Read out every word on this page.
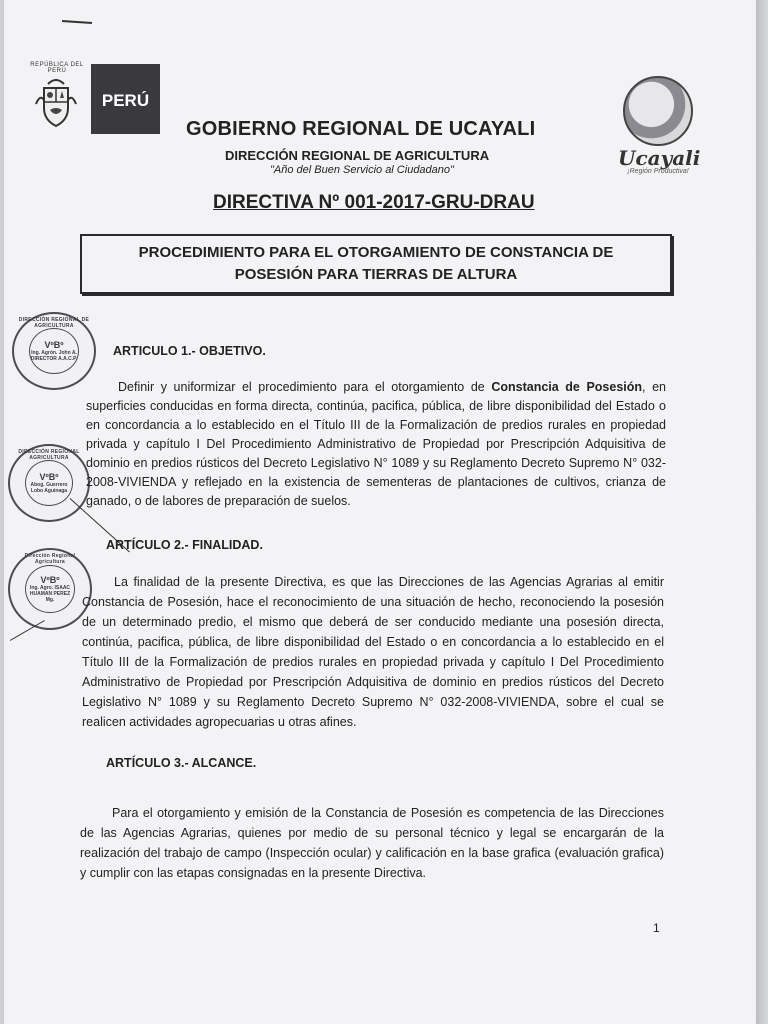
REPÚBLICA DEL PERÚ
PERÚ
Ucayali
¡Región Productiva!
GOBIERNO REGIONAL DE UCAYALI
DIRECCIÓN REGIONAL DE AGRICULTURA
"Año del Buen Servicio al Ciudadano"
DIRECTIVA Nº 001-2017-GRU-DRAU
PROCEDIMIENTO PARA EL OTORGAMIENTO DE CONSTANCIA DE
POSESIÓN PARA TIERRAS DE ALTURA
DIRECCIÓN REGIONAL DE AGRICULTURA
VºBº
Ing. Agrón. John A.
DIRECTOR A.A.C.P.
DIRECCIÓN REGIONAL AGRICULTURA
VºBº
Abog. Guerrero
Lobo Aguinaga
Dirección Regional Agricultura
VºBº
Ing. Agro. ISAAC
HUAMAN PEREZ Mg.
ARTICULO 1.- OBJETIVO.
Definir y uniformizar el procedimiento para el otorgamiento de Constancia de Posesión, en superficies conducidas en forma directa, continúa, pacifica, pública, de libre disponibilidad del Estado o en concordancia a lo establecido en el Título III de la Formalización de predios rurales en propiedad privada y capítulo I Del Procedimiento Administrativo de Propiedad por Prescripción Adquisitiva de dominio en predios rústicos del Decreto Legislativo N° 1089 y su Reglamento Decreto Supremo N° 032-2008-VIVIENDA y reflejado en la existencia de sementeras de plantaciones de cultivos, crianza de ganado, o de labores de preparación de suelos.
ARTÍCULO 2.- FINALIDAD.
La finalidad de la presente Directiva, es que las Direcciones de las Agencias Agrarias al emitir Constancia de Posesión, hace el reconocimiento de una situación de hecho, reconociendo la posesión de un determinado predio, el mismo que deberá de ser conducido mediante una posesión directa, continúa, pacifica, pública, de libre disponibilidad del Estado o en concordancia a lo establecido en el Título III de la Formalización de predios rurales en propiedad privada y capítulo I Del Procedimiento Administrativo de Propiedad por Prescripción Adquisitiva de dominio en predios rústicos del Decreto Legislativo N° 1089 y su Reglamento Decreto Supremo N° 032-2008-VIVIENDA, sobre el cual se realicen actividades agropecuarias u otras afines.
ARTÍCULO 3.- ALCANCE.
Para el otorgamiento y emisión de la Constancia de Posesión es competencia de las Direcciones de las Agencias Agrarias, quienes por medio de su personal técnico y legal se encargarán de la realización del trabajo de campo (Inspección ocular) y calificación en la base grafica (evaluación grafica) y cumplir con las etapas consignadas en la presente Directiva.
1
